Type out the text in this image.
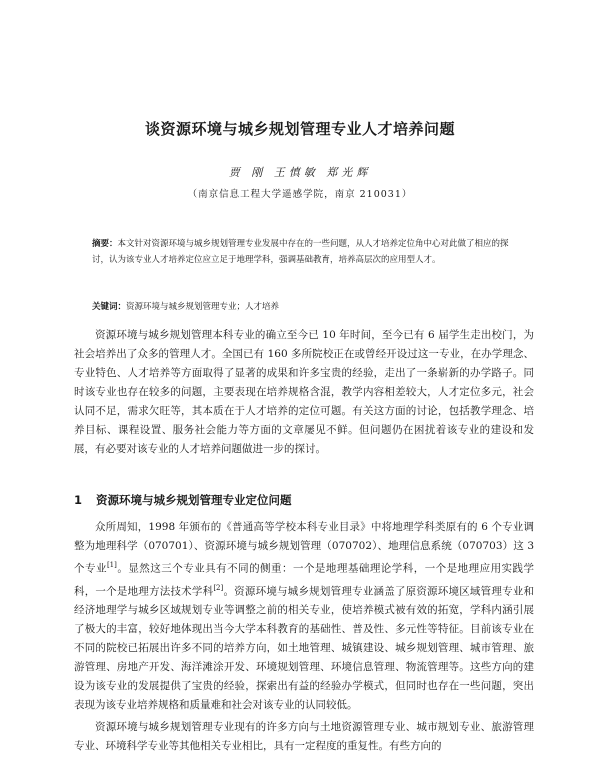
谈资源环境与城乡规划管理专业人才培养问题
贾 刚 王慎敏 郑光辉
（南京信息工程大学遥感学院，南京 210031）
摘要：本文针对资源环境与城乡规划管理专业发展中存在的一些问题，从人才培养定位角中心对此做了相应的探讨，认为该专业人才培养定位应立足于地理学科，强调基础教育，培养高层次的应用型人才。
关键词：资源环境与城乡规划管理专业；人才培养
资源环境与城乡规划管理本科专业的确立至今已 10 年时间，至今已有 6 届学生走出校门，为社会培养出了众多的管理人才。全国已有 160 多所院校正在或曾经开设过这一专业，在办学理念、专业特色、人才培养等方面取得了显著的成果和许多宝贵的经验，走出了一条崭新的办学路子。同时该专业也存在较多的问题，主要表现在培养规格含混，教学内容相差较大，人才定位多元，社会认同不足，需求欠旺等，其本质在于人才培养的定位可题。有关这方面的讨论，包括教学理念、培养目标、课程设置、服务社会能力等方面的文章屡见不鲜。但问题仍在困扰着该专业的建设和发展，有必要对该专业的人才培养问题做进一步的探讨。
1 资源环境与城乡规划管理专业定位问题
众所周知，1998 年颁布的《普通高等学校本科专业目录》中将地理学科类原有的 6 个专业调整为地理科学（070701）、资源环境与城乡规划管理（070702）、地理信息系统（070703）这 3 个专业[1]。显然这三个专业具有不同的侧重：一个是地理基础理论学科，一个是地理应用实践学科，一个是地理方法技术学科[2]。资源环境与城乡规划管理专业涵盖了原资源环境区域管理专业和经济地理学与城乡区域规划专业等调整之前的相关专业，使培养模式被有效的拓宽，学科内涵引展了极大的丰富，较好地体现出当今大学本科教育的基础性、普及性、多元性等特征。目前该专业在不同的院校已拓展出许多不同的培养方向，如土地管理、城镇建设、城乡规划管理、城市管理、旅游管理、房地产开发、海洋滩涂开发、环境规划管理、环境信息管理、物流管理等。这些方向的建设为该专业的发展提供了宝贵的经验，探索出有益的经验办学模式，但同时也存在一些问题，突出表现为该专业培养规格和质量难和社会对该专业的认同较低。
资源环境与城乡规划管理专业现有的许多方向与土地资源管理专业、城市规划专业、旅游管理专业、环境科学专业等其他相关专业相比，具有一定程度的重复性。有些方向的
